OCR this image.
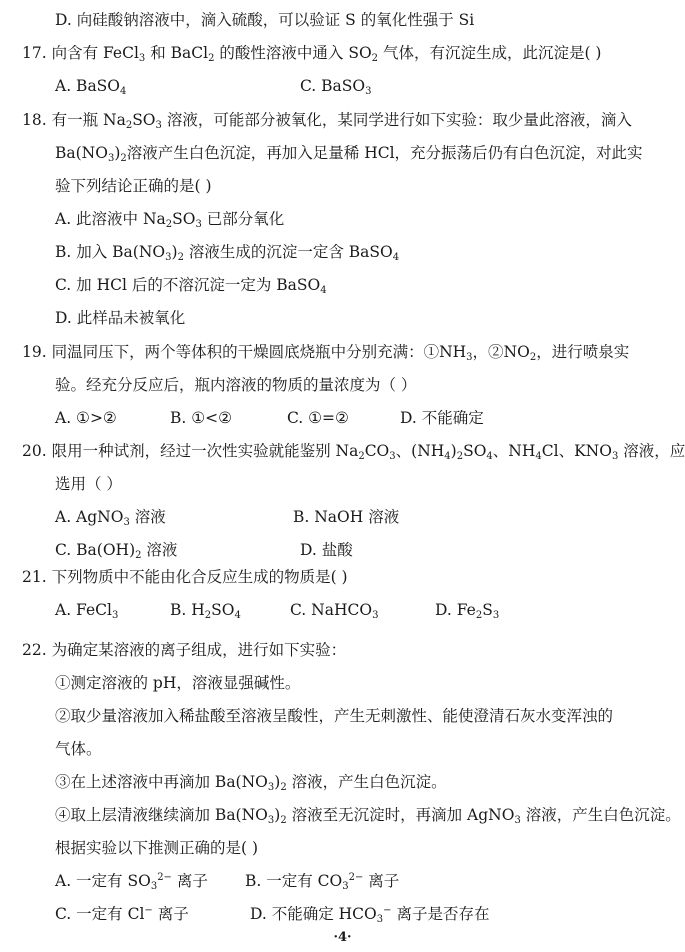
D. 向硅酸钠溶液中，滴入硫酸，可以验证 S 的氧化性强于 Si
17. 向含有 FeCl$_3$ 和 BaCl$_2$ 的酸性溶液中通入 $SO_2$ 气体，有沉淀生成，此沉淀是( )
A. BaSO$_4$	C. BaSO$_3$
18. 有一瓶 $Na_2SO_3$ 溶液，可能部分被氧化，某同学进行如下实验：取少量此溶液，滴入
$Ba(NO_3)_2$溶液产生白色沉淀，再加入足量稀 HCl，充分振荡后仍有白色沉淀，对此实
验下列结论正确的是( )
A. 此溶液中 $Na_2SO_3$ 已部分氧化
B. 加入 $Ba(NO_3)_2$ 溶液生成的沉淀一定含 BaSO$_4$
C. 加 HCl 后的不溶沉淀一定为 BaSO$_4$
D. 此样品未被氧化
19. 同温同压下，两个等体积的干燥圆底烧瓶中分别充满：$①NH_3$，$②NO_2$，进行喷泉实
验。经充分反应后，瓶内溶液的物质的量浓度为（ ）
A. ①>②	B. ①<②	C. ①=②	D. 不能确定
20. 限用一种试剂，经过一次性实验就能鉴别 $Na_2CO_3$、$(NH_4)_2SO_4$、$NH_4Cl$、$KNO_3$ 溶液，应
选用（ ）
A. AgNO$_3$ 溶液	B. NaOH 溶液
C. $Ba(OH)_2$ 溶液	D. 盐酸
21. 下列物质中不能由化合反应生成的物质是( )
A. FeCl$_3$	B. $H_2SO_4$	C. NaHCO$_3$	D. $Fe_2S_3$
22. 为确定某溶液的离子组成，进行如下实验：
①测定溶液的 pH，溶液显强碱性。
②取少量溶液加入稀盐酸至溶液呈酸性，产生无刺激性、能使澄清石灰水变浑浊的
气体。
③在上述溶液中再滴加 $Ba(NO_3)_2$ 溶液，产生白色沉淀。
④取上层清液继续滴加 $Ba(NO_3)_2$ 溶液至无沉淀时，再滴加 AgNO$_3$ 溶液，产生白色沉淀。
根据实验以下推测正确的是( )
A. 一定有 $SO_3^{2-}$ 离子 B. 一定有 $CO_3^{2-}$ 离子
C. 一定有 Cl− 离子	D. 不能确定 $HCO_3^-$ 离子是否存在
·4·
